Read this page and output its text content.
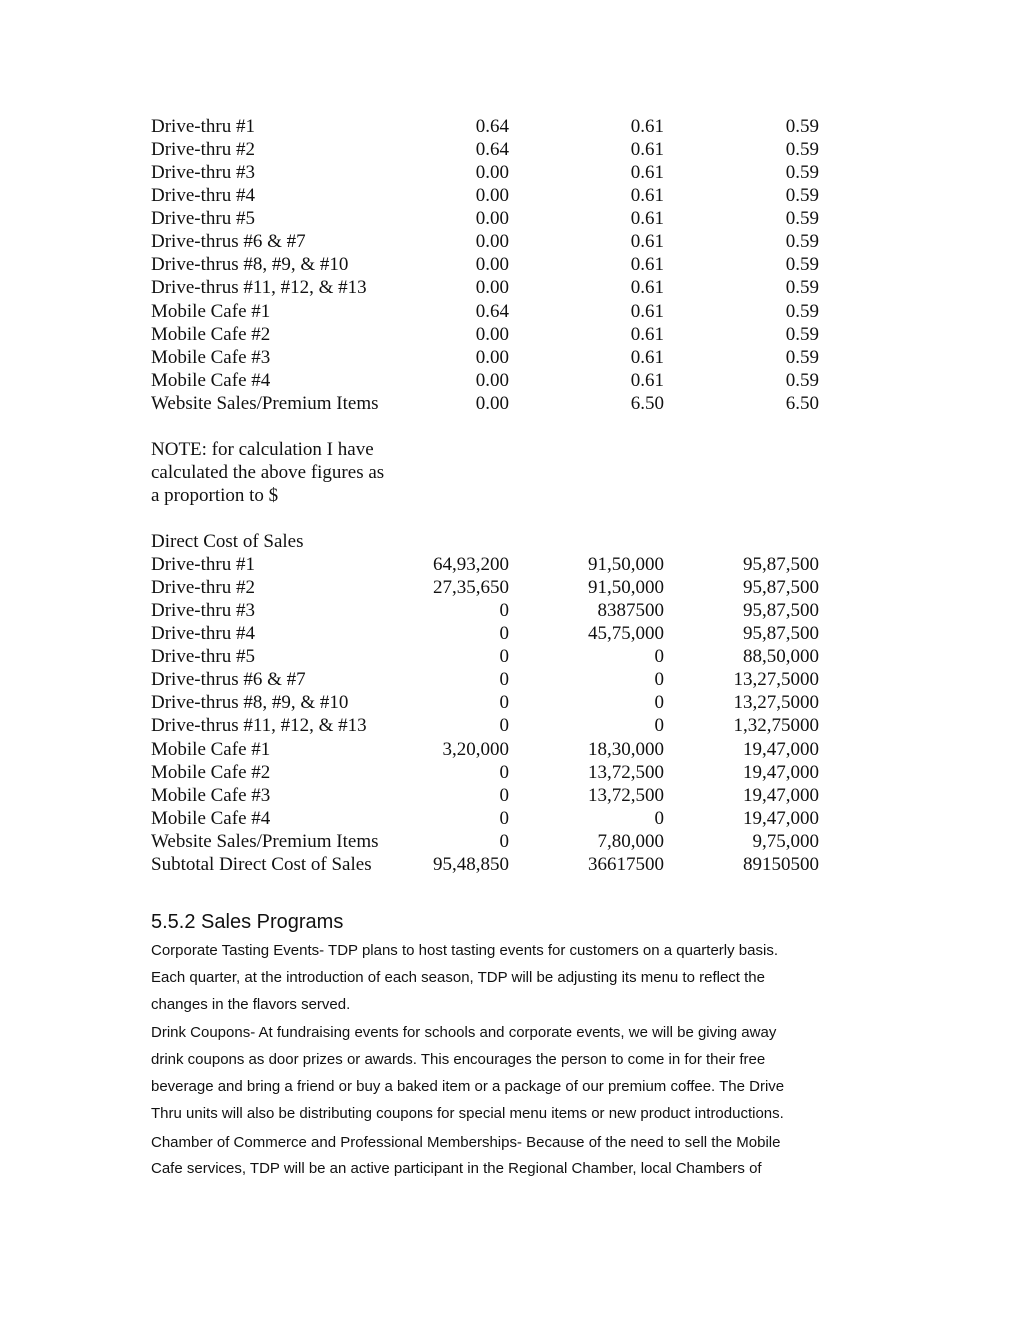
Drive-thru #1	0.64	0.61	0.59
Drive-thru #2	0.64	0.61	0.59
Drive-thru #3	0.00	0.61	0.59
Drive-thru #4	0.00	0.61	0.59
Drive-thru #5	0.00	0.61	0.59
Drive-thrus #6 & #7	0.00	0.61	0.59
Drive-thrus #8, #9, & #10	0.00	0.61	0.59
Drive-thrus #11, #12, & #13	0.00	0.61	0.59
Mobile Cafe #1	0.64	0.61	0.59
Mobile Cafe #2	0.00	0.61	0.59
Mobile Cafe #3	0.00	0.61	0.59
Mobile Cafe #4	0.00	0.61	0.59
Website Sales/Premium Items	0.00	6.50	6.50
NOTE: for calculation I have
calculated the above figures as
a proportion to $
Direct Cost of Sales
Drive-thru #1	64,93,200	91,50,000	95,87,500
Drive-thru #2	27,35,650	91,50,000	95,87,500
Drive-thru #3	0	8387500	95,87,500
Drive-thru #4	0	45,75,000	95,87,500
Drive-thru #5	0	0	88,50,000
Drive-thrus #6 & #7	0	0	13,27,5000
Drive-thrus #8, #9, & #10	0	0	13,27,5000
Drive-thrus #11, #12, & #13	0	0	1,32,75000
Mobile Cafe #1	3,20,000	18,30,000	19,47,000
Mobile Cafe #2	0	13,72,500	19,47,000
Mobile Cafe #3	0	13,72,500	19,47,000
Mobile Cafe #4	0	0	19,47,000
Website Sales/Premium Items	0	7,80,000	9,75,000
Subtotal Direct Cost of Sales	95,48,850	36617500	89150500
5.5.2 Sales Programs
Corporate Tasting Events- TDP plans to host tasting events for customers on a quarterly basis.
Each quarter, at the introduction of each season, TDP will be adjusting its menu to reflect the
changes in the flavors served.
Drink Coupons- At fundraising events for schools and corporate events, we will be giving away
drink coupons as door prizes or awards. This encourages the person to come in for their free
beverage and bring a friend or buy a baked item or a package of our premium coffee. The Drive
Thru units will also be distributing coupons for special menu items or new product introductions.
Chamber of Commerce and Professional Memberships- Because of the need to sell the Mobile
Cafe services, TDP will be an active participant in the Regional Chamber, local Chambers of
